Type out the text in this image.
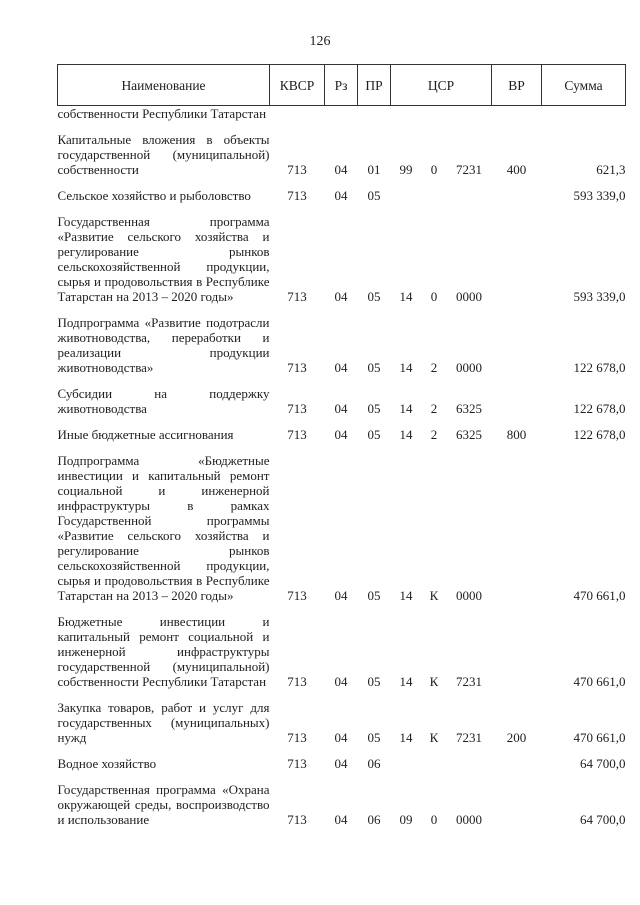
126
Наименование	КВСР	Рз	ПР	ЦСР			ВР	Сумма
собственности Республики Татарстан								

Капитальные вложения в объекты государственной (муниципальной) собственности	713	04	01	99	0	7231	400	621,3

Сельское хозяйство и рыболовство	713	04	05					593 339,0

Государственная программа «Развитие сельского хозяйства и регулирование рынков сельскохозяйственной продукции, сырья и продовольствия в Республике Татарстан на 2013 – 2020 годы»	713	04	05	14	0	0000		593 339,0

Подпрограмма «Развитие подотрасли животноводства, переработки и реализации продукции животноводства»	713	04	05	14	2	0000		122 678,0

Субсидии на поддержку животноводства	713	04	05	14	2	6325		122 678,0

Иные бюджетные ассигнования	713	04	05	14	2	6325	800	122 678,0

Подпрограмма «Бюджетные инвестиции и капитальный ремонт социальной и инженерной инфраструктуры в рамках Государственной программы «Развитие сельского хозяйства и регулирование рынков сельскохозяйственной продукции, сырья и продовольствия в Республике Татарстан на 2013 – 2020 годы»	713	04	05	14	К	0000		470 661,0

Бюджетные инвестиции и капитальный ремонт социальной и инженерной инфраструктуры государственной (муниципальной) собственности Республики Татарстан	713	04	05	14	К	7231		470 661,0

Закупка товаров, работ и услуг для государственных (муниципальных) нужд	713	04	05	14	К	7231	200	470 661,0

Водное хозяйство	713	04	06					64 700,0

Государственная программа «Охрана окружающей среды, воспроизводство и использование	713	04	06	09	0	0000		64 700,0
